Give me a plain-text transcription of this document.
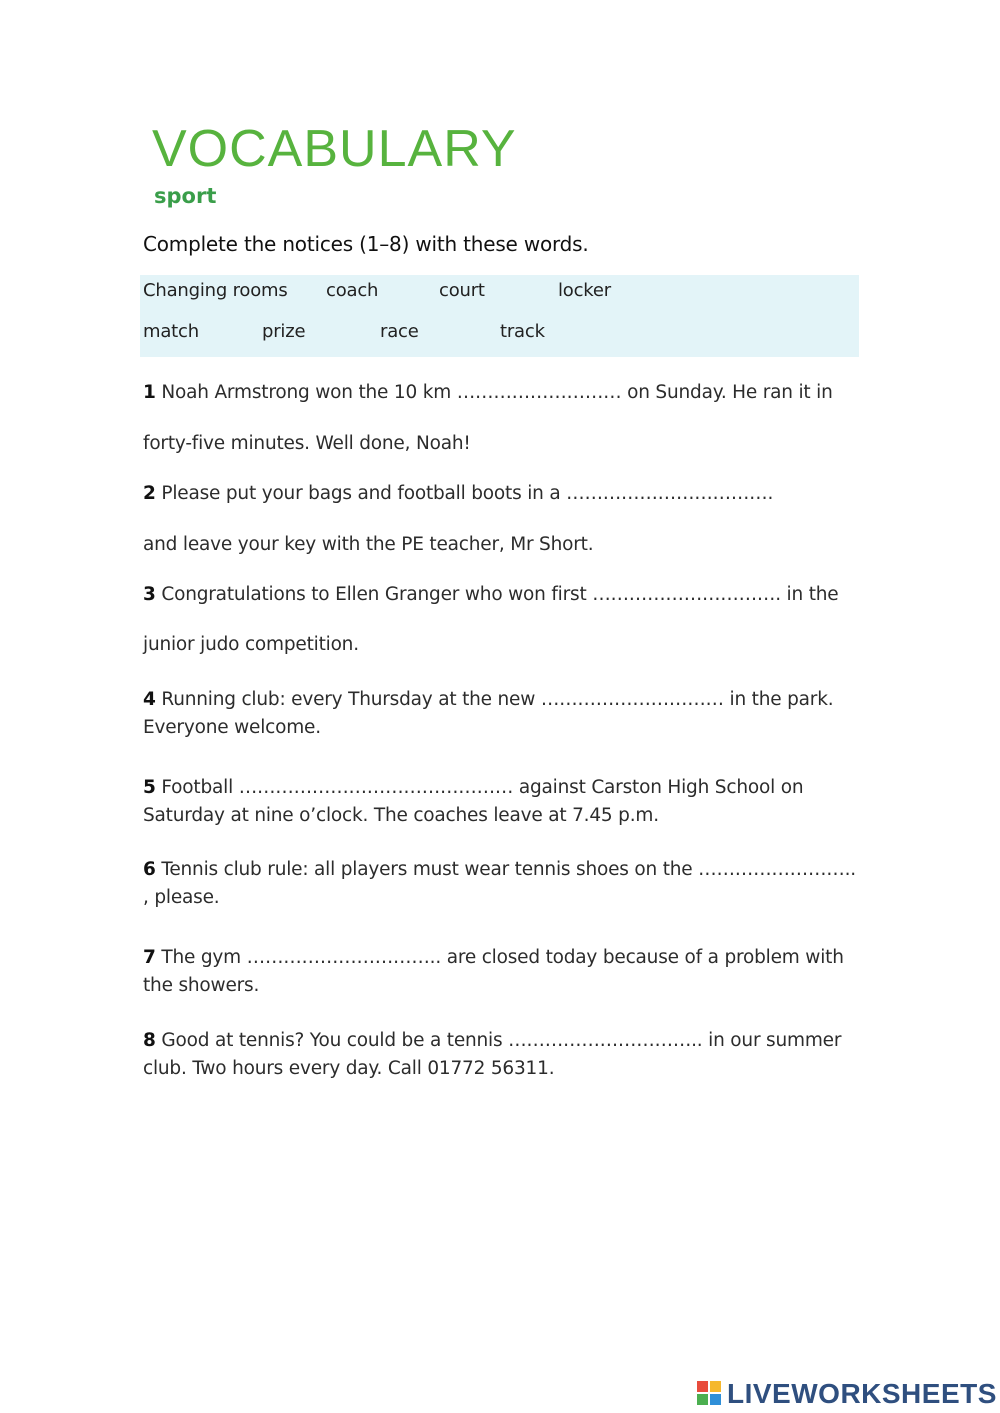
VOCABULARY
sport
Complete the notices (1–8) with these words.
Changing rooms coach	court	locker
match	prize	race	track
1 Noah Armstrong won the 10 km ……………………… on Sunday. He ran it in
forty-five minutes. Well done, Noah!
2 Please put your bags and football boots in a …………………………….
and leave your key with the PE teacher, Mr Short.
3 Congratulations to Ellen Granger who won first …………………………. in the
junior judo competition.
4 Running club: every Thursday at the new ………………………… in the park. Everyone welcome.
5 Football ……………………………………… against Carston High School on Saturday at nine o’clock. The coaches leave at 7.45 p.m.
6 Tennis club rule: all players must wear tennis shoes on the …………………….. , please.
7 The gym ………………………….. are closed today because of a problem with the showers.
8 Good at tennis? You could be a tennis ………………………….. in our summer club. Two hours every day. Call 01772 56311.
LIVEWORKSHEETS
